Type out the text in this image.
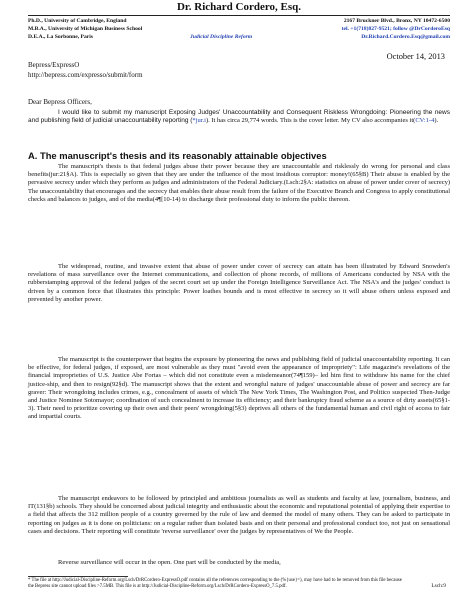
Dr. Richard Cordero, Esq.
Ph.D., University of Cambridge, England	2167 Bruckner Blvd., Bronx, NY 10472-6500
M.B.A., University of Michigan Business School	tel. +1(718)827-9521; follow @DrCorderoEsq
D.E.A., La Sorbonne, Paris	Judicial Discipline Reform	Dr.Richard.Cordero.Esq@gmail.com
October 14, 2013
Bepress/ExpressO
http://bepress.com/expresso/submit/form
Dear Bepress Officers,
I would like to submit my manuscript Exposing Judges' Unaccountability and Consequent Riskless Wrongdoing: Pioneering the news and publishing field of judicial unaccountability reporting (*jur.i). It has circa 29,774 words. This is the cover letter. My CV also accompanies it(CV:1-4).
A. The manuscript's thesis and its reasonably attainable objectives
The manuscript's thesis is that federal judges abuse their power because they are unaccountable and risklessly do wrong for personal and class benefits(jur:21§A). This is especially so given that they are under the influence of the most insidious corruptor: money!(65§B) Their abuse is enabled by the pervasive secrecy under which they perform as judges and administrators of the Federal Judiciary.(Lsch:2§A: statistics on abuse of power under cover of secrecy) The unaccountability that encourages and the secrecy that enables their abuse result from the failure of the Executive Branch and Congress to apply constitutional checks and balances to judges, and of the media(4¶[10-14) to discharge their professional duty to inform the public thereon.
The widespread, routine, and invasive extent that abuse of power under cover of secrecy can attain has been illustrated by Edward Snowden's revelations of mass surveillance over the Internet communications, and collection of phone records, of millions of Americans conducted by NSA with the rubberstamping approval of the federal judges of the secret court set up under the Foreign Intelligence Surveillance Act. The NSA's and the judges' conduct is driven by a common force that illustrates this principle: Power loathes bounds and is most effective in secrecy so it will abuse others unless exposed and prevented by another power.
The manuscript is the counterpower that begins the exposure by pioneering the news and publishing field of judicial unaccountability reporting. It can be effective, for federal judges, if exposed, are most vulnerable as they must "avoid even the appearance of impropriety": Life magazine's revelations of the financial improprieties of U.S. Justice Abe Fortas – which did not constitute even a misdemeanor(74¶159)– led him first to withdraw his name for the chief justice-ship, and then to resign(92§d). The manuscript shows that the extent and wrongful nature of judges' unaccountable abuse of power and secrecy are far graver: Their wrongdoing includes crimes, e.g., concealment of assets of which The New York Times, The Washington Post, and Politico suspected Then-Judge and Justice Nominee Sotomayor; coordination of such concealment to increase its efficiency; and their bankruptcy fraud scheme as a source of dirty assets(65§1-3). Their need to prioritize covering up their own and their peers' wrongdoing(5§3) deprives all others of the fundamental human and civil right of access to fair and impartial courts.
The manuscript endeavors to be followed by principled and ambitious journalists as well as students and faculty at law, journalism, business, and IT(131§b) schools. They should be concerned about judicial integrity and enthusiastic about the economic and reputational potential of applying their expertise to a field that affects the 312 million people of a country governed by the rule of law and deemed the model of many others. They can be asked to participate in reporting on judges as it is done on politicians: on a regular rather than isolated basis and on their personal and professional conduct too, not just on sensational cases and decisions. Their reporting will constitute 'reverse surveillance' over the judges by representatives of We the People.
Reverse surveillance will occur in the open. One part will be conducted by the media,
* The file at http://Judicial-Discipline-Reform.org/Lsch/DrRCordero-ExpressO.pdf contains all the references corresponding to the (%{use}=), may have had to be removed from this file because the Bepress site cannot upload files >7.5MB. This file is at http://Judicial-Discipline-Reform.org/Lsch/DrRCordero-ExpressO_7.5.pdf.	Lsch:9
